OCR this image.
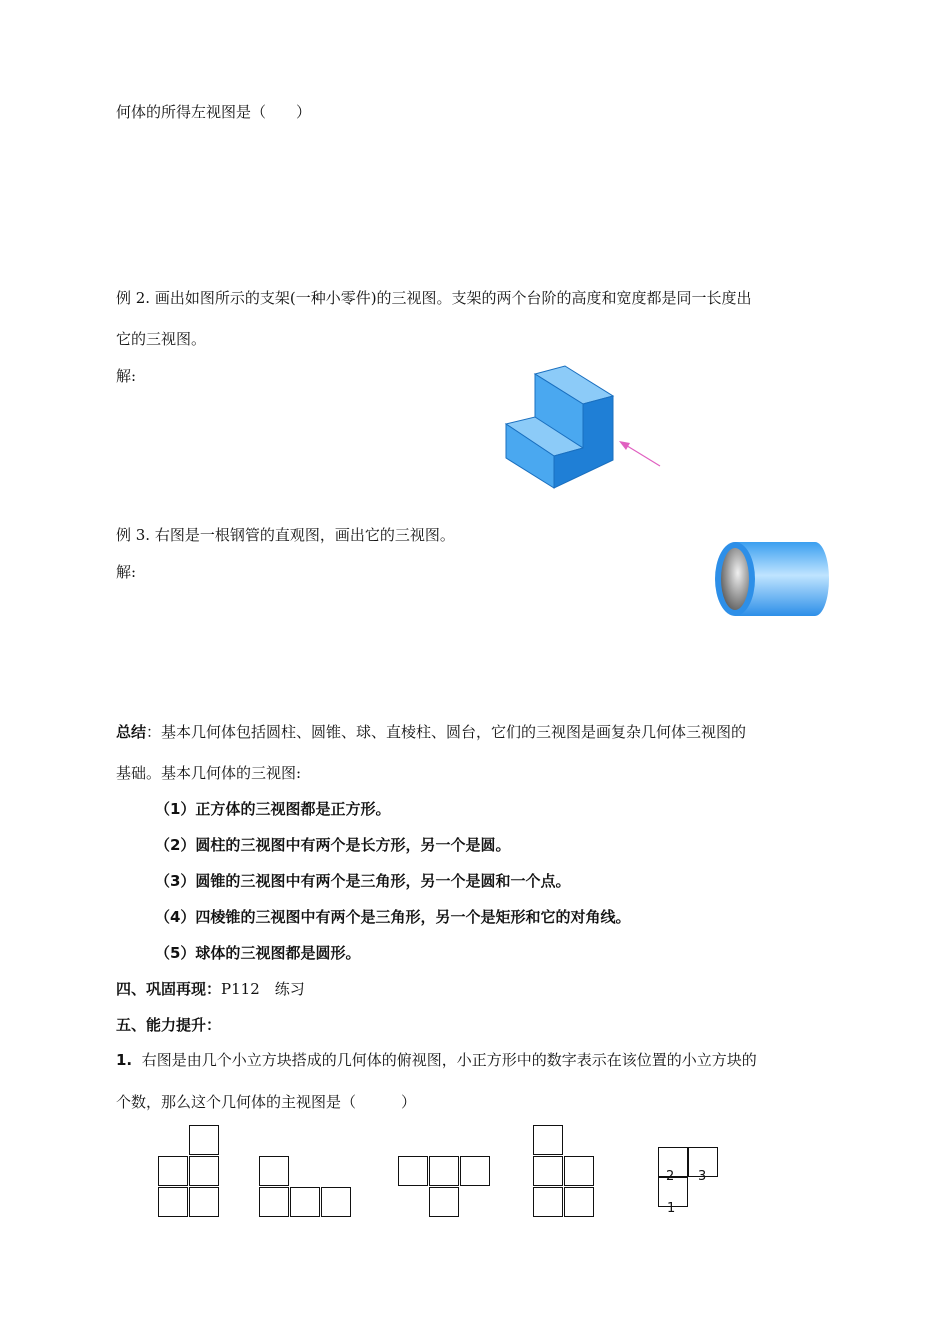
何体的所得左视图是（　　）
例 2. 画出如图所示的支架(一种小零件)的三视图。支架的两个台阶的高度和宽度都是同一长度出
它的三视图。
解:
例 3. 右图是一根钢管的直观图，画出它的三视图。
解:
总结：基本几何体包括圆柱、圆锥、球、直棱柱、圆台，它们的三视图是画复杂几何体三视图的
基础。基本几何体的三视图:
（1）正方体的三视图都是正方形。
（2）圆柱的三视图中有两个是长方形，另一个是圆。
（3）圆锥的三视图中有两个是三角形，另一个是圆和一个点。
（4）四棱锥的三视图中有两个是三角形，另一个是矩形和它的对角线。
（5）球体的三视图都是圆形。
四、巩固再现：P112　练习
五、能力提升：
1. 右图是由几个小立方块搭成的几何体的俯视图，小正方形中的数字表示在该位置的小立方块的
个数，那么这个几何体的主视图是（　　　）
2 3
1
